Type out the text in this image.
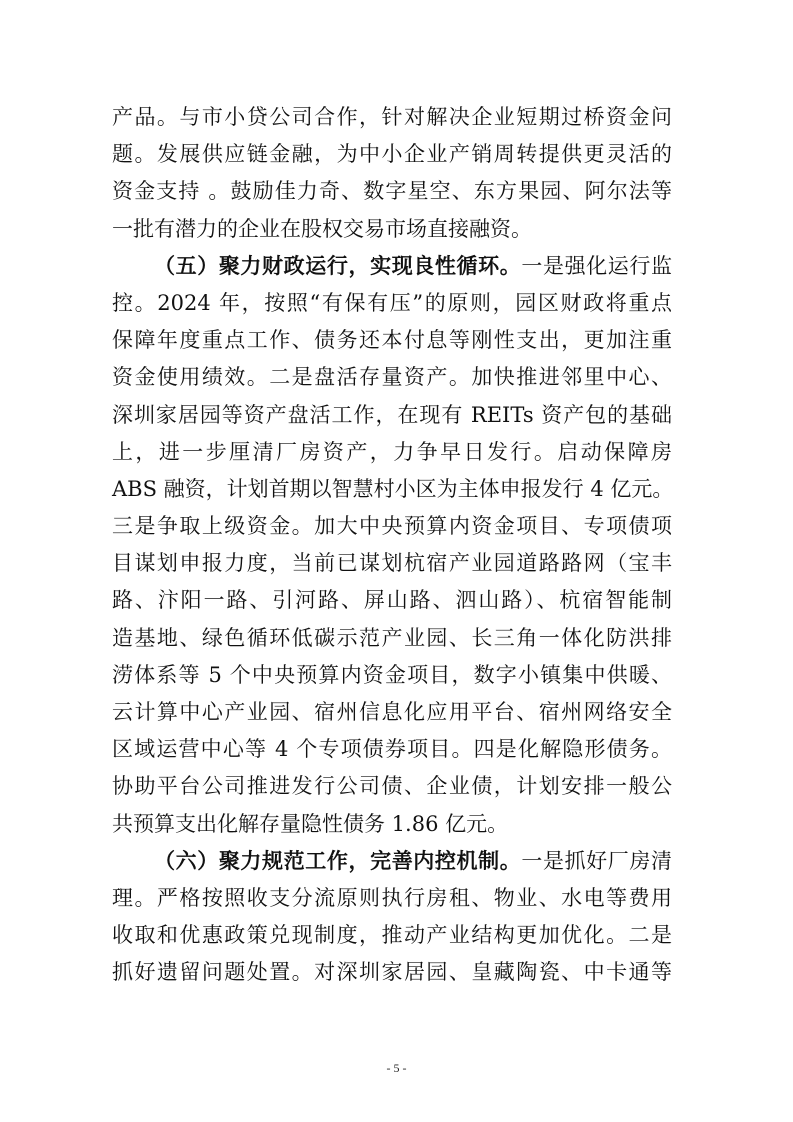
产品。与市小贷公司合作，针对解决企业短期过桥资金问
题。发展供应链金融，为中小企业产销周转提供更灵活的
资金支持 。鼓励佳力奇、数字星空、东方果园、阿尔法等
一批有潜力的企业在股权交易市场直接融资。
（五）聚力财政运行，实现良性循环。一是强化运行监
控。2024 年，按照“有保有压”的原则，园区财政将重点
保障年度重点工作、债务还本付息等刚性支出，更加注重
资金使用绩效。二是盘活存量资产。加快推进邻里中心、
深圳家居园等资产盘活工作，在现有 REITs 资产包的基础
上，进一步厘清厂房资产，力争早日发行。启动保障房
ABS 融资，计划首期以智慧村小区为主体申报发行 4 亿元。
三是争取上级资金。加大中央预算内资金项目、专项债项
目谋划申报力度，当前已谋划杭宿产业园道路路网（宝丰
路、汴阳一路、引河路、屏山路、泗山路）、杭宿智能制
造基地、绿色循环低碳示范产业园、长三角一体化防洪排
涝体系等 5 个中央预算内资金项目，数字小镇集中供暖、
云计算中心产业园、宿州信息化应用平台、宿州网络安全
区域运营中心等 4 个专项债券项目。四是化解隐形债务。
协助平台公司推进发行公司债、企业债，计划安排一般公
共预算支出化解存量隐性债务 1.86 亿元。
（六）聚力规范工作，完善内控机制。一是抓好厂房清
理。严格按照收支分流原则执行房租、物业、水电等费用
收取和优惠政策兑现制度，推动产业结构更加优化。二是
抓好遗留问题处置。对深圳家居园、皇藏陶瓷、中卡通等
- 5 -
